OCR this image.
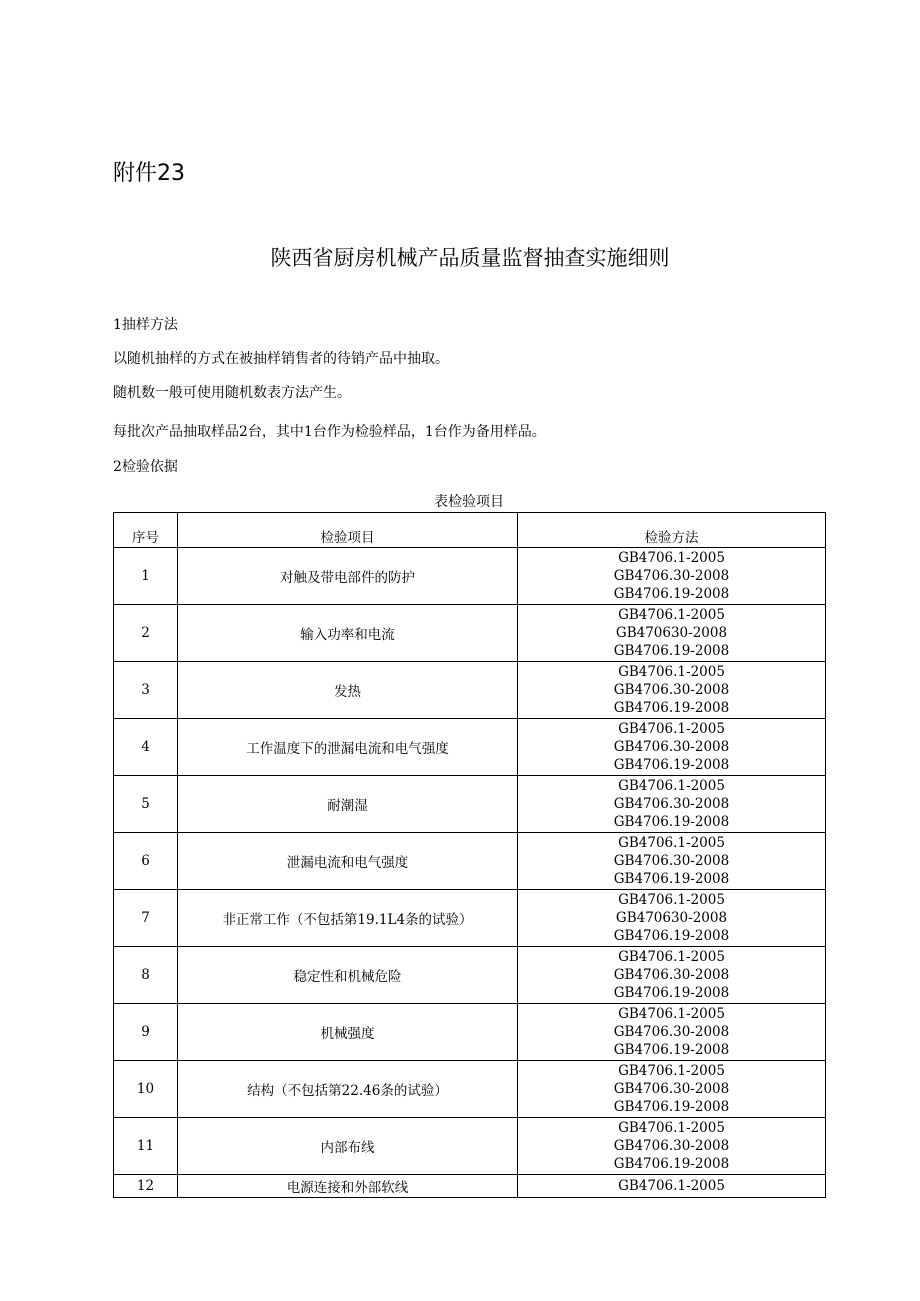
附件23
陕西省厨房机械产品质量监督抽查实施细则
1抽样方法
以随机抽样的方式在被抽样销售者的待销产品中抽取。
随机数一般可使用随机数表方法产生。
每批次产品抽取样品2台，其中1台作为检验样品，1台作为备用样品。
2检验依据
表检验项目
序号	检验项目	检验方法
1	对触及带电部件的防护	GB4706.1-2005
GB4706.30-2008
GB4706.19-2008

2	输入功率和电流	GB4706.1-2005
GB470630-2008
GB4706.19-2008

3	发热	GB4706.1-2005
GB4706.30-2008
GB4706.19-2008

4	工作温度下的泄漏电流和电气强度	GB4706.1-2005
GB4706.30-2008
GB4706.19-2008

5	耐潮湿	GB4706.1-2005
GB4706.30-2008
GB4706.19-2008

6	泄漏电流和电气强度	GB4706.1-2005
GB4706.30-2008
GB4706.19-2008

7	非正常工作（不包括第19.1L4条的试验）	GB4706.1-2005
GB470630-2008
GB4706.19-2008

8	稳定性和机械危险	GB4706.1-2005
GB4706.30-2008
GB4706.19-2008

9	机械强度	GB4706.1-2005
GB4706.30-2008
GB4706.19-2008

10	结构（不包括第22.46条的试验）	GB4706.1-2005
GB4706.30-2008
GB4706.19-2008

11	内部布线	GB4706.1-2005
GB4706.30-2008
GB4706.19-2008

12	电源连接和外部软线	GB4706.1-2005
